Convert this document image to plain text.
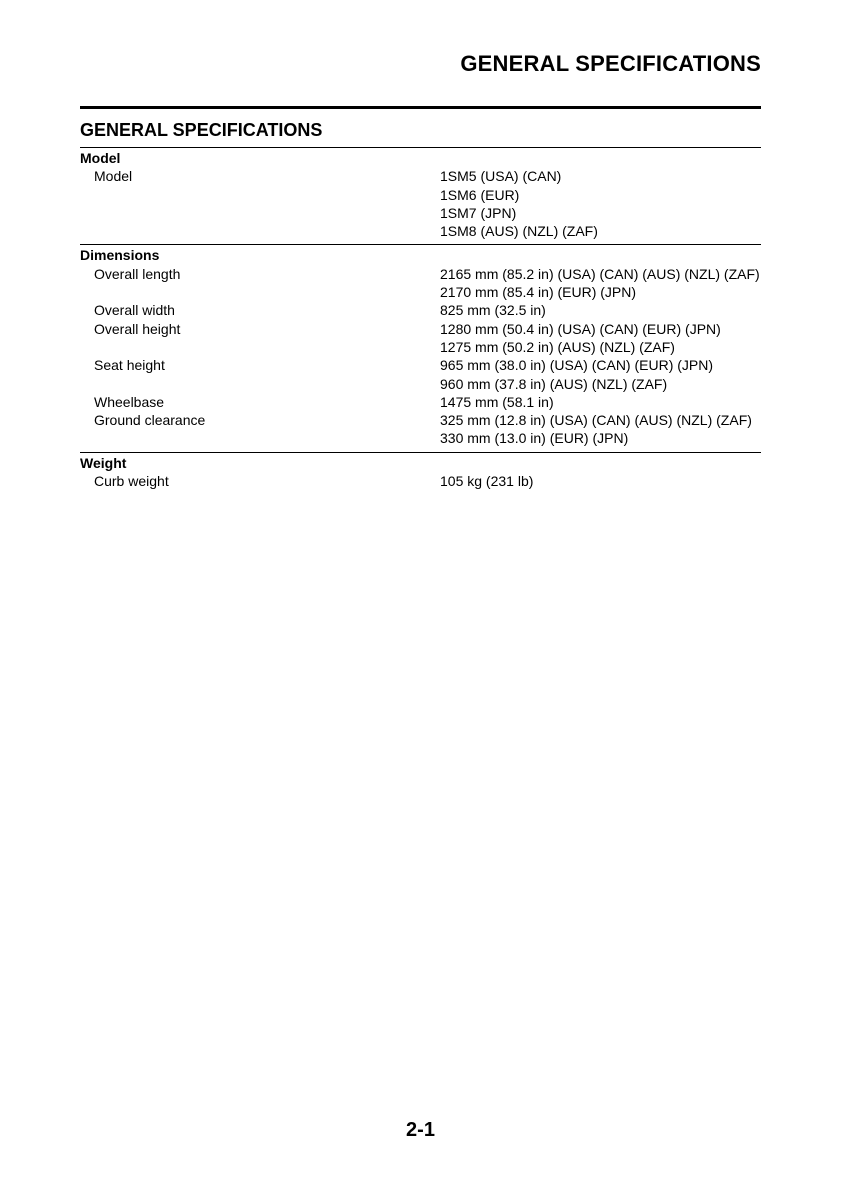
GENERAL SPECIFICATIONS
GENERAL SPECIFICATIONS
Model
Model	1SM5 (USA) (CAN)
1SM6 (EUR)
1SM7 (JPN)
1SM8 (AUS) (NZL) (ZAF)
Dimensions
Overall length	2165 mm (85.2 in) (USA) (CAN) (AUS) (NZL) (ZAF)
2170 mm (85.4 in) (EUR) (JPN)
Overall width	825 mm (32.5 in)
Overall height	1280 mm (50.4 in) (USA) (CAN) (EUR) (JPN)
1275 mm (50.2 in) (AUS) (NZL) (ZAF)
Seat height	965 mm (38.0 in) (USA) (CAN) (EUR) (JPN)
960 mm (37.8 in) (AUS) (NZL) (ZAF)
Wheelbase	1475 mm (58.1 in)
Ground clearance	325 mm (12.8 in) (USA) (CAN) (AUS) (NZL) (ZAF)
330 mm (13.0 in) (EUR) (JPN)
Weight
Curb weight	105 kg (231 lb)
2-1
